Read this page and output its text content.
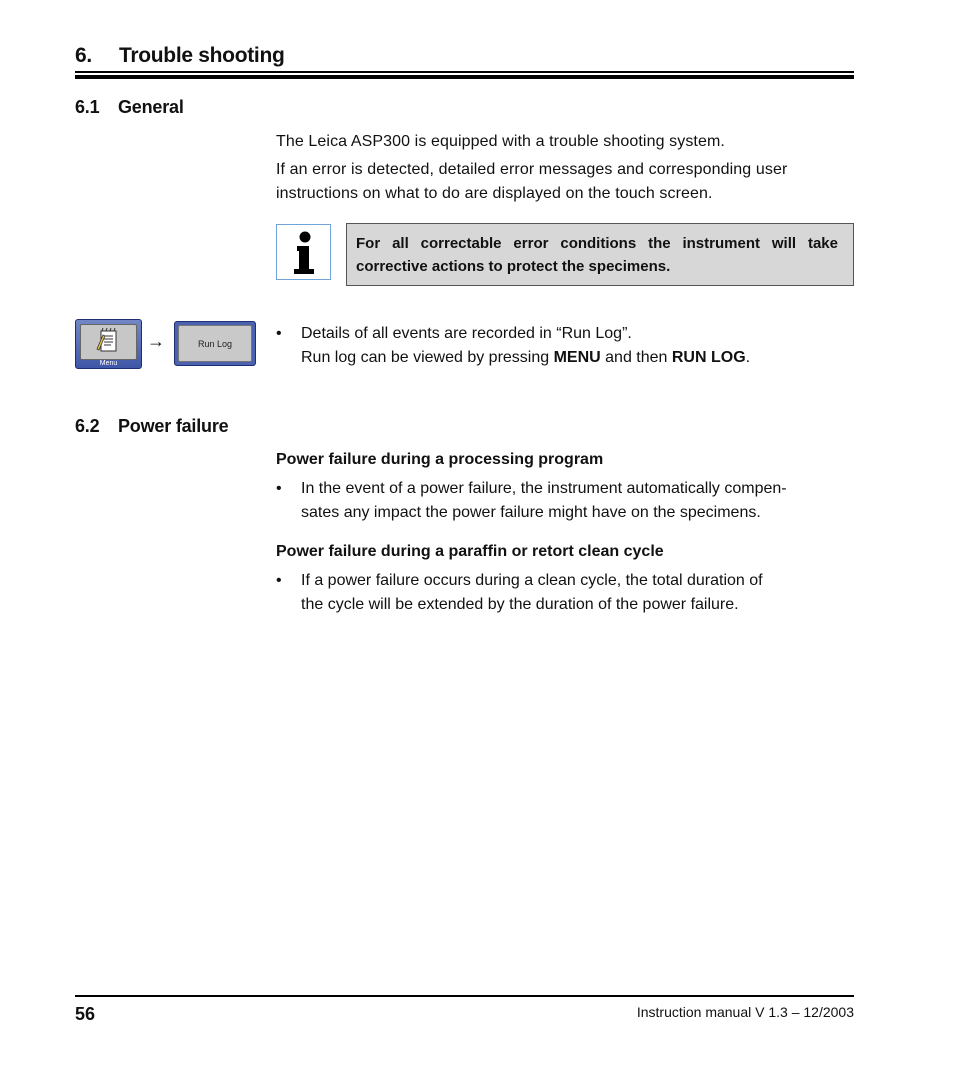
6. Trouble shooting
6.1 General
The Leica ASP300 is equipped with a trouble shooting system.
If an error is detected, detailed error messages and corresponding user
instructions on what to do are displayed on the touch screen.
For all correctable error conditions the instrument will take corrective actions to protect the specimens.
Menu
→	Run Log
• Details of all events are recorded in “Run Log”.
Run log can be viewed by pressing MENU and then RUN LOG.
6.2 Power failure
Power failure during a processing program
• In the event of a power failure, the instrument automatically compen-
sates any impact the power failure might have on the specimens.
Power failure during a paraffin or retort clean cycle
• If a power failure occurs during a clean cycle, the total duration of
the cycle will be extended by the duration of the power failure.
56	Instruction manual V 1.3 – 12/2003
